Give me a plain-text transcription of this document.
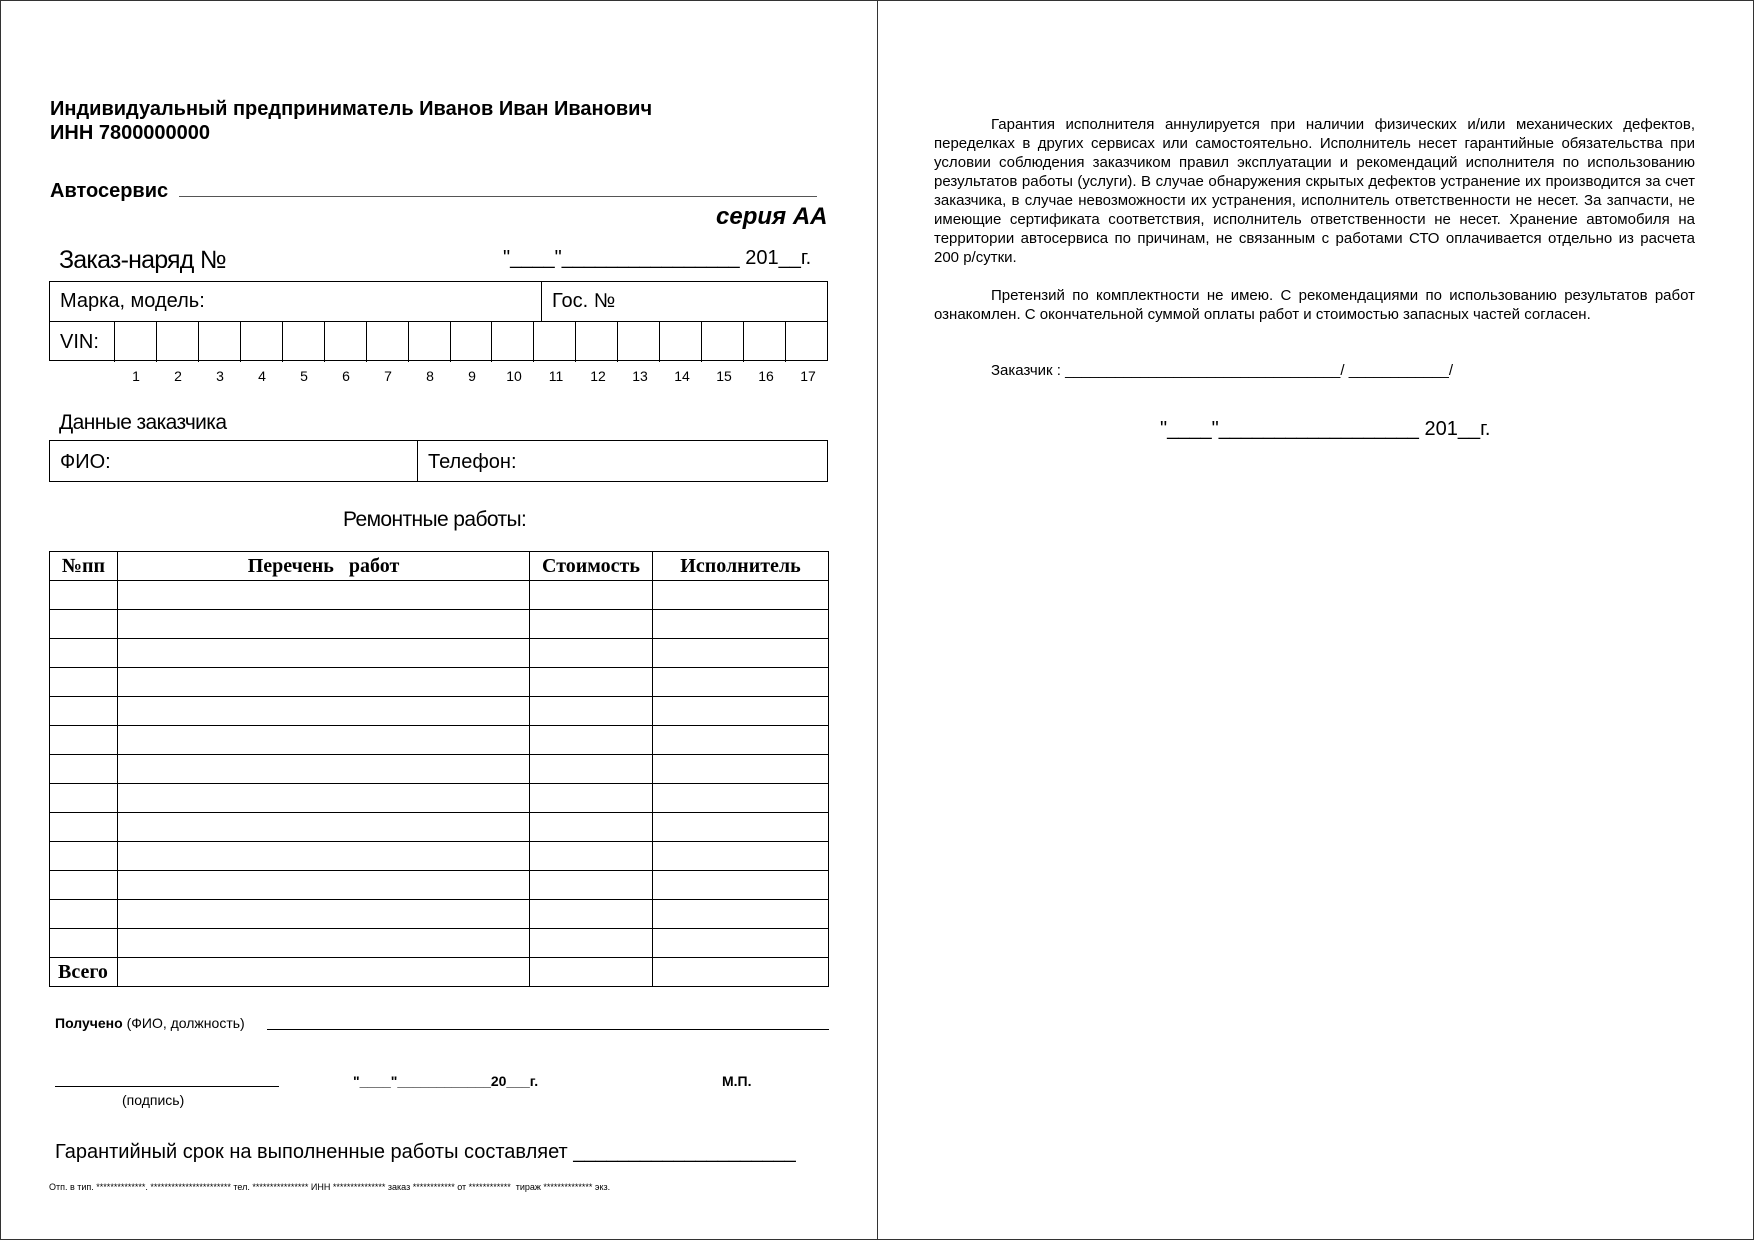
Индивидуальный предприниматель Иванов Иван Иванович
ИНН 7800000000
Автосервис
серия АА
Заказ-наряд №	"____"________________ 201__г.
Марка, модель:	Гос. №
VIN:

1	2	3	4	5	6	7	8	9	10	11	12	13	14	15	16	17
Данные заказчика
ФИО:	Телефон:
Ремонтные работы:
№пп	Перечень   работ	Стоимость	Исполнитель

Всего			
Получено (ФИО, должность)
(подпись)
"____"____________20___г.	М.П.
Гарантийный срок на выполненные работы составляет ____________________
Отп. в тип. **************. *********************** тел. **************** ИНН *************** заказ ************ от ************  тираж ************** экз.

Гарантия исполнителя аннулируется при наличии физических и/или механических дефектов, переделках в других сервисах или самостоятельно. Исполнитель несет гарантийные обязательства при условии соблюдения заказчиком правил эксплуатации и рекомендаций исполнителя по использованию результатов работы (услуги). В случае обнаружения скрытых дефектов устранение их производится за счет заказчика, в случае невозможности их устранения, исполнитель ответственности не несет. За запчасти, не имеющие сертификата соответствия, исполнитель ответственности не несет. Хранение автомобиля на территории автосервиса по причинам, не связанным с работами СТО оплачивается отдельно из расчета 200 р/сутки.

Претензий по комплектности не имею. С рекомендациями по использованию результатов работ ознакомлен. С окончательной суммой оплаты работ и стоимостью запасных частей согласен.

Заказчик : _________________________________/ ____________/
"____"__________________ 201__г.
